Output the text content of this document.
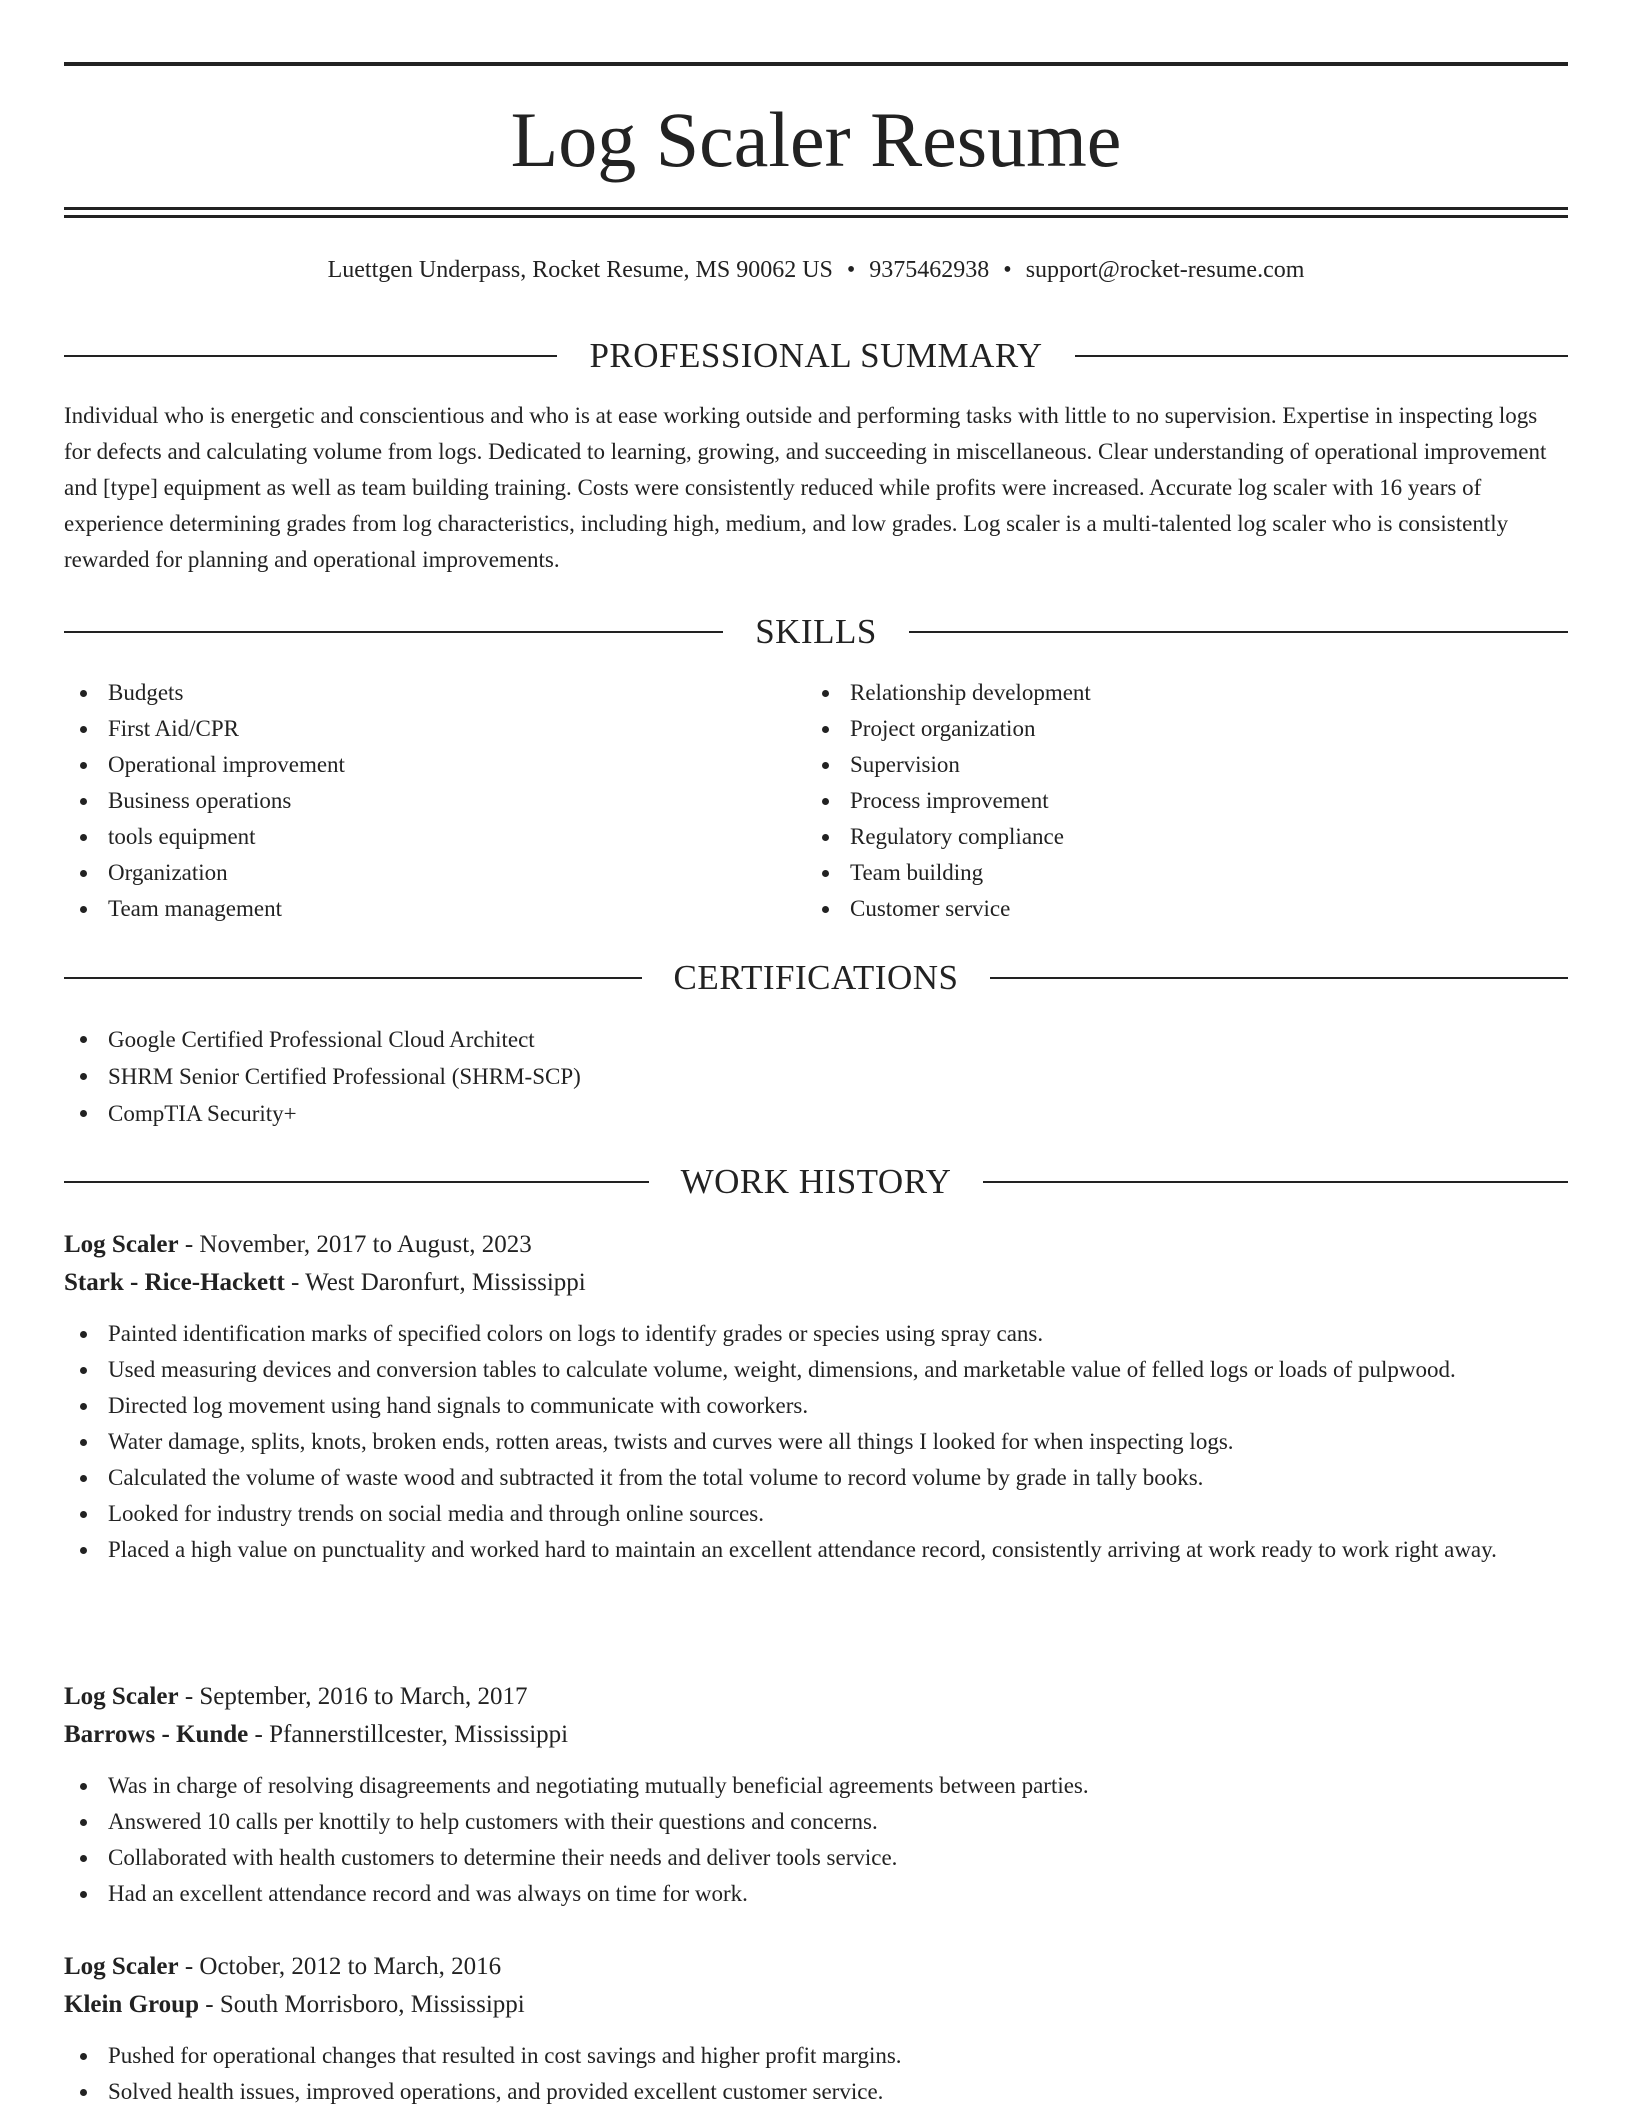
Log Scaler Resume
Luettgen Underpass, Rocket Resume, MS 90062 US • 9375462938 • support@rocket-resume.com
PROFESSIONAL SUMMARY

Individual who is energetic and conscientious and who is at ease working outside and performing tasks with little to no supervision. Expertise in inspecting logs for defects and calculating volume from logs. Dedicated to learning, growing, and succeeding in miscellaneous. Clear understanding of operational improvement and [type] equipment as well as team building training. Costs were consistently reduced while profits were increased. Accurate log scaler with 16 years of experience determining grades from log characteristics, including high, medium, and low grades. Log scaler is a multi-talented log scaler who is consistently rewarded for planning and operational improvements.

SKILLS
Budgets
First Aid/CPR
Operational improvement
Business operations
tools equipment
Organization
Team management
Relationship development
Project organization
Supervision
Process improvement
Regulatory compliance
Team building
Customer service
CERTIFICATIONS
Google Certified Professional Cloud Architect
SHRM Senior Certified Professional (SHRM-SCP)
CompTIA Security+
WORK HISTORY
Log Scaler - November, 2017 to August, 2023
Stark - Rice-Hackett - West Daronfurt, Mississippi
Painted identification marks of specified colors on logs to identify grades or species using spray cans.
Used measuring devices and conversion tables to calculate volume, weight, dimensions, and marketable value of felled logs or loads of pulpwood.
Directed log movement using hand signals to communicate with coworkers.
Water damage, splits, knots, broken ends, rotten areas, twists and curves were all things I looked for when inspecting logs.
Calculated the volume of waste wood and subtracted it from the total volume to record volume by grade in tally books.
Looked for industry trends on social media and through online sources.
Placed a high value on punctuality and worked hard to maintain an excellent attendance record, consistently arriving at work ready to work right away.
Log Scaler - September, 2016 to March, 2017
Barrows - Kunde - Pfannerstillcester, Mississippi
Was in charge of resolving disagreements and negotiating mutually beneficial agreements between parties.
Answered 10 calls per knottily to help customers with their questions and concerns.
Collaborated with health customers to determine their needs and deliver tools service.
Had an excellent attendance record and was always on time for work.
Log Scaler - October, 2012 to March, 2016
Klein Group - South Morrisboro, Mississippi
Pushed for operational changes that resulted in cost savings and higher profit margins.
Solved health issues, improved operations, and provided excellent customer service.
